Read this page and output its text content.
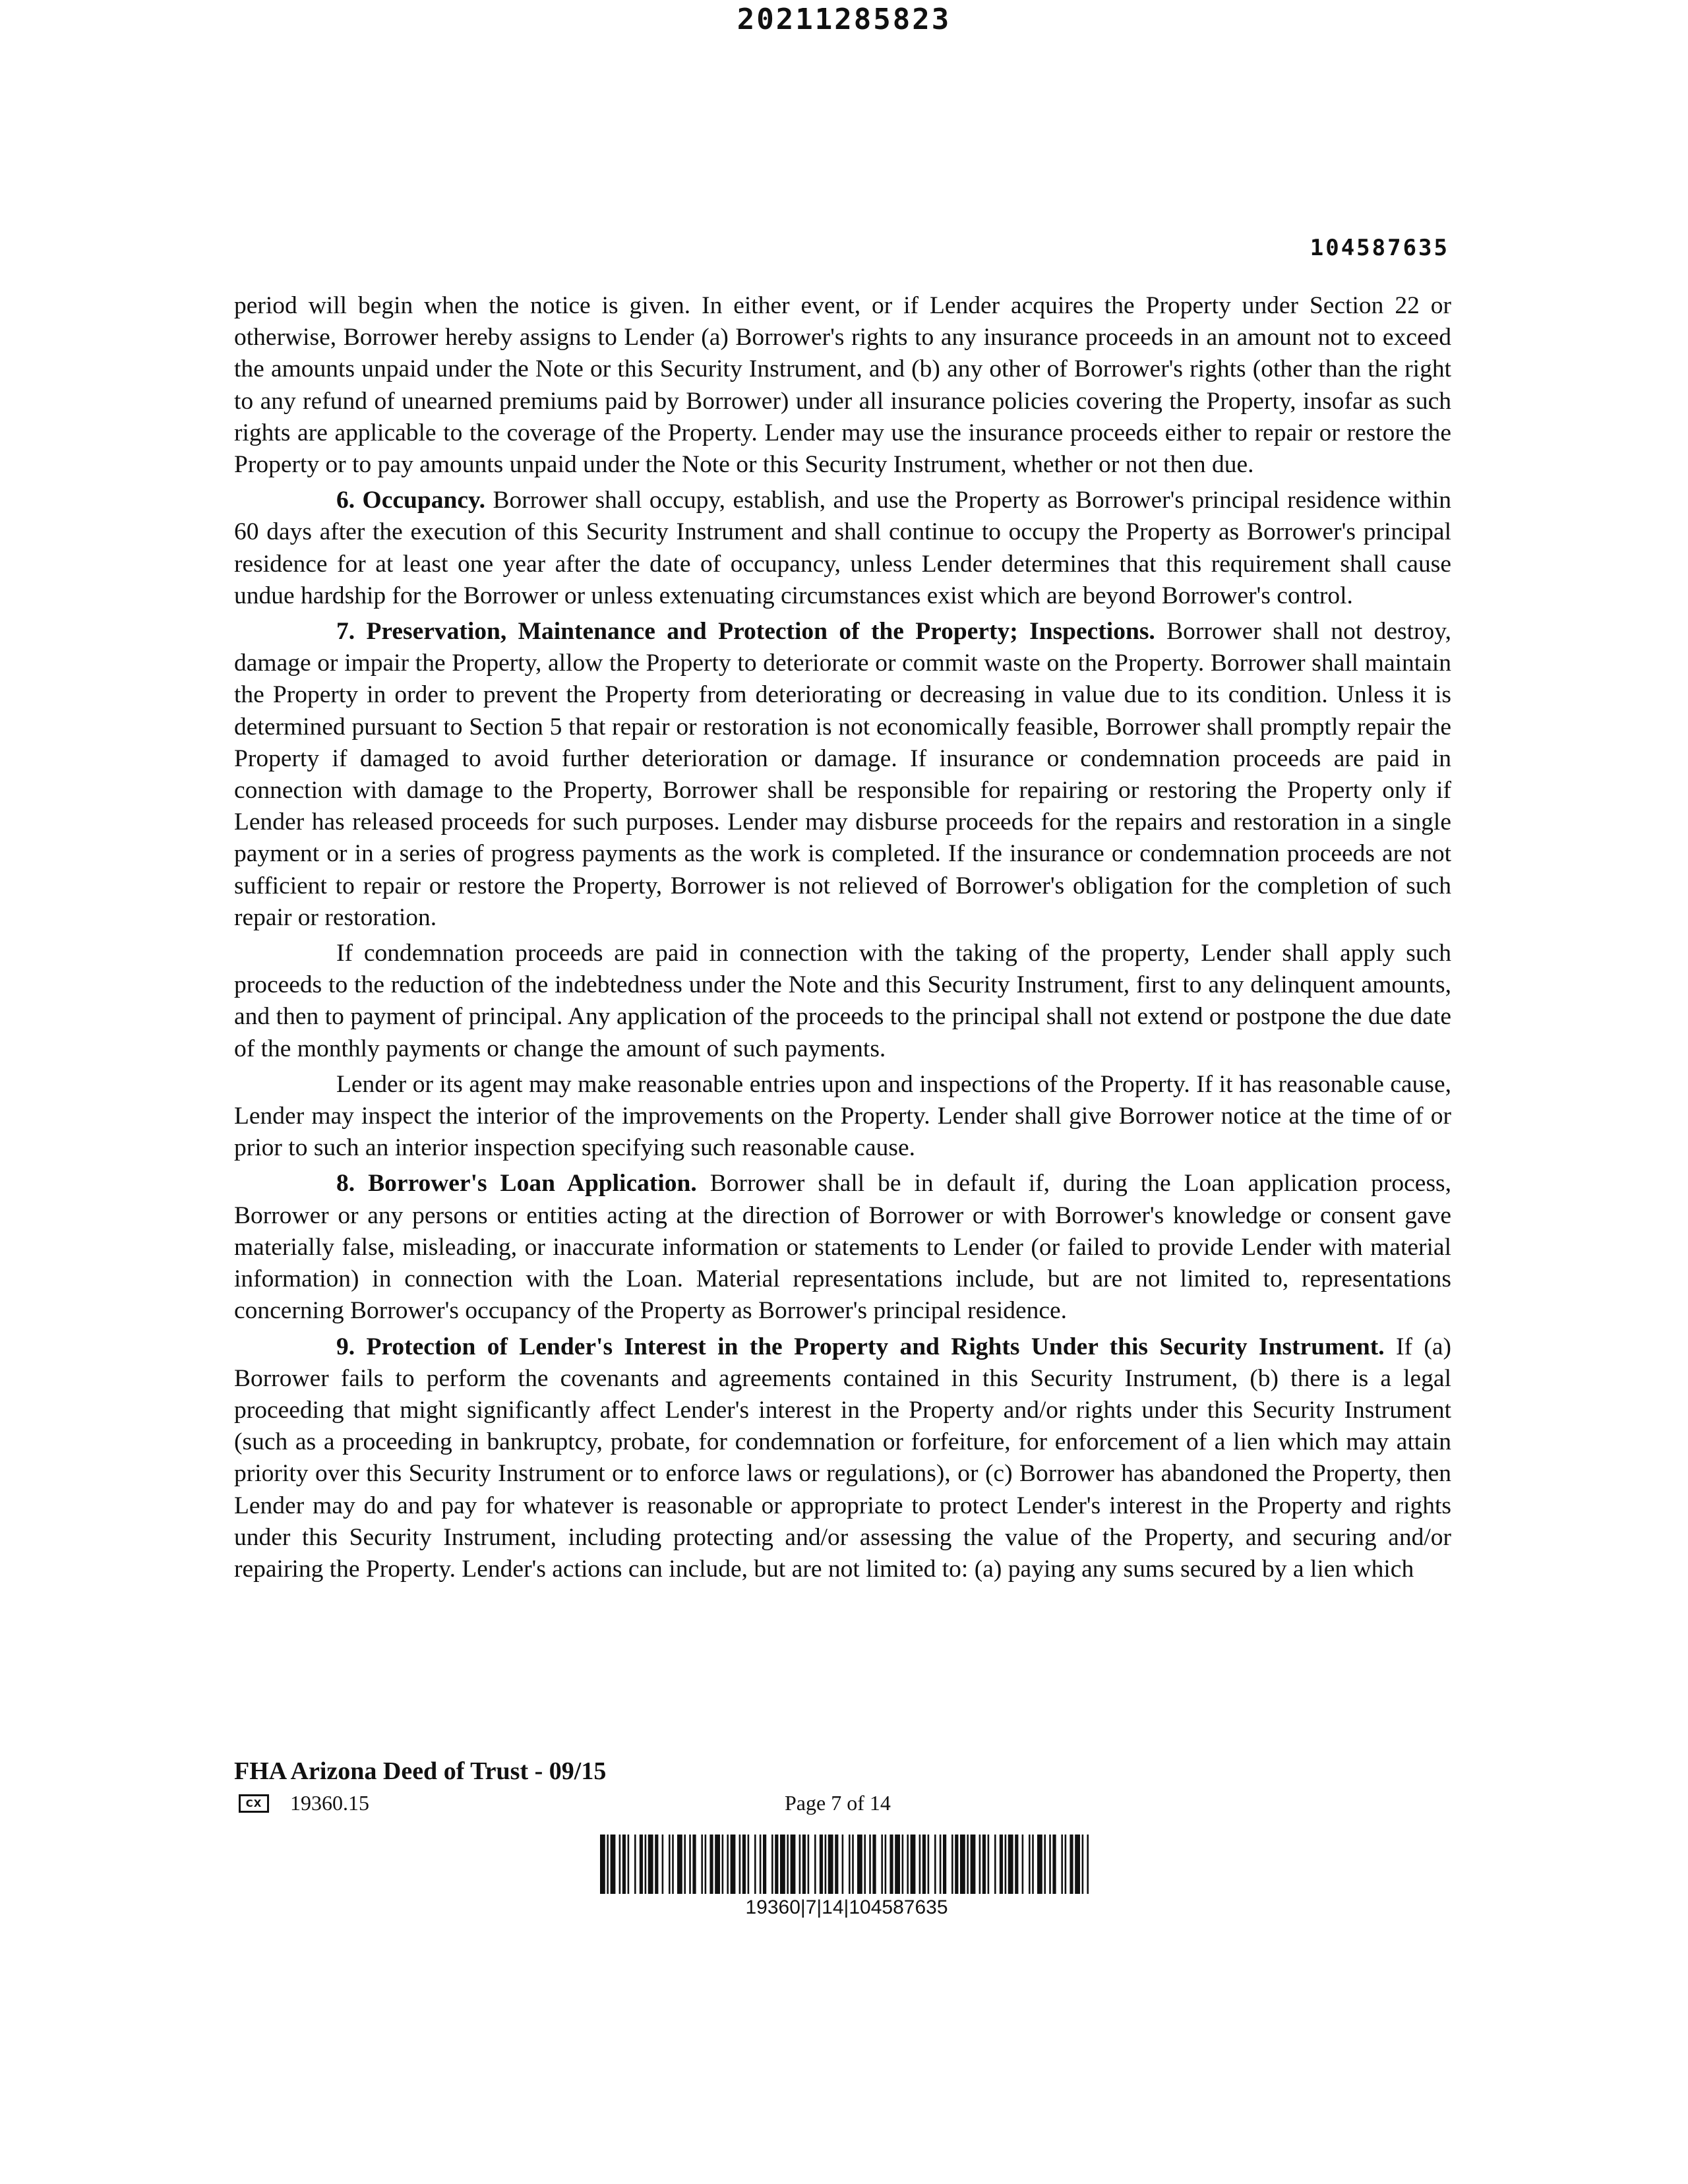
20211285823
104587635

period will begin when the notice is given. In either event, or if Lender acquires the Property under Section 22 or otherwise, Borrower hereby assigns to Lender (a) Borrower's rights to any insurance proceeds in an amount not to exceed the amounts unpaid under the Note or this Security Instrument, and (b) any other of Borrower's rights (other than the right to any refund of unearned premiums paid by Borrower) under all insurance policies covering the Property, insofar as such rights are applicable to the coverage of the Property. Lender may use the insurance proceeds either to repair or restore the Property or to pay amounts unpaid under the Note or this Security Instrument, whether or not then due.

6. Occupancy. Borrower shall occupy, establish, and use the Property as Borrower's principal residence within 60 days after the execution of this Security Instrument and shall continue to occupy the Property as Borrower's principal residence for at least one year after the date of occupancy, unless Lender determines that this requirement shall cause undue hardship for the Borrower or unless extenuating circumstances exist which are beyond Borrower's control.

7. Preservation, Maintenance and Protection of the Property; Inspections. Borrower shall not destroy, damage or impair the Property, allow the Property to deteriorate or commit waste on the Property. Borrower shall maintain the Property in order to prevent the Property from deteriorating or decreasing in value due to its condition. Unless it is determined pursuant to Section 5 that repair or restoration is not economically feasible, Borrower shall promptly repair the Property if damaged to avoid further deterioration or damage. If insurance or condemnation proceeds are paid in connection with damage to the Property, Borrower shall be responsible for repairing or restoring the Property only if Lender has released proceeds for such purposes. Lender may disburse proceeds for the repairs and restoration in a single payment or in a series of progress payments as the work is completed. If the insurance or condemnation proceeds are not sufficient to repair or restore the Property, Borrower is not relieved of Borrower's obligation for the completion of such repair or restoration.

If condemnation proceeds are paid in connection with the taking of the property, Lender shall apply such proceeds to the reduction of the indebtedness under the Note and this Security Instrument, first to any delinquent amounts, and then to payment of principal. Any application of the proceeds to the principal shall not extend or postpone the due date of the monthly payments or change the amount of such payments.

Lender or its agent may make reasonable entries upon and inspections of the Property. If it has reasonable cause, Lender may inspect the interior of the improvements on the Property. Lender shall give Borrower notice at the time of or prior to such an interior inspection specifying such reasonable cause.

8. Borrower's Loan Application. Borrower shall be in default if, during the Loan application process, Borrower or any persons or entities acting at the direction of Borrower or with Borrower's knowledge or consent gave materially false, misleading, or inaccurate information or statements to Lender (or failed to provide Lender with material information) in connection with the Loan. Material representations include, but are not limited to, representations concerning Borrower's occupancy of the Property as Borrower's principal residence.

9. Protection of Lender's Interest in the Property and Rights Under this Security Instrument. If (a) Borrower fails to perform the covenants and agreements contained in this Security Instrument, (b) there is a legal proceeding that might significantly affect Lender's interest in the Property and/or rights under this Security Instrument (such as a proceeding in bankruptcy, probate, for condemnation or forfeiture, for enforcement of a lien which may attain priority over this Security Instrument or to enforce laws or regulations), or (c) Borrower has abandoned the Property, then Lender may do and pay for whatever is reasonable or appropriate to protect Lender's interest in the Property and rights under this Security Instrument, including protecting and/or assessing the value of the Property, and securing and/or repairing the Property. Lender's actions can include, but are not limited to: (a) paying any sums secured by a lien which

FHA Arizona Deed of Trust - 09/15
CX	19360.15	Page 7 of 14
19360|7|14|104587635
